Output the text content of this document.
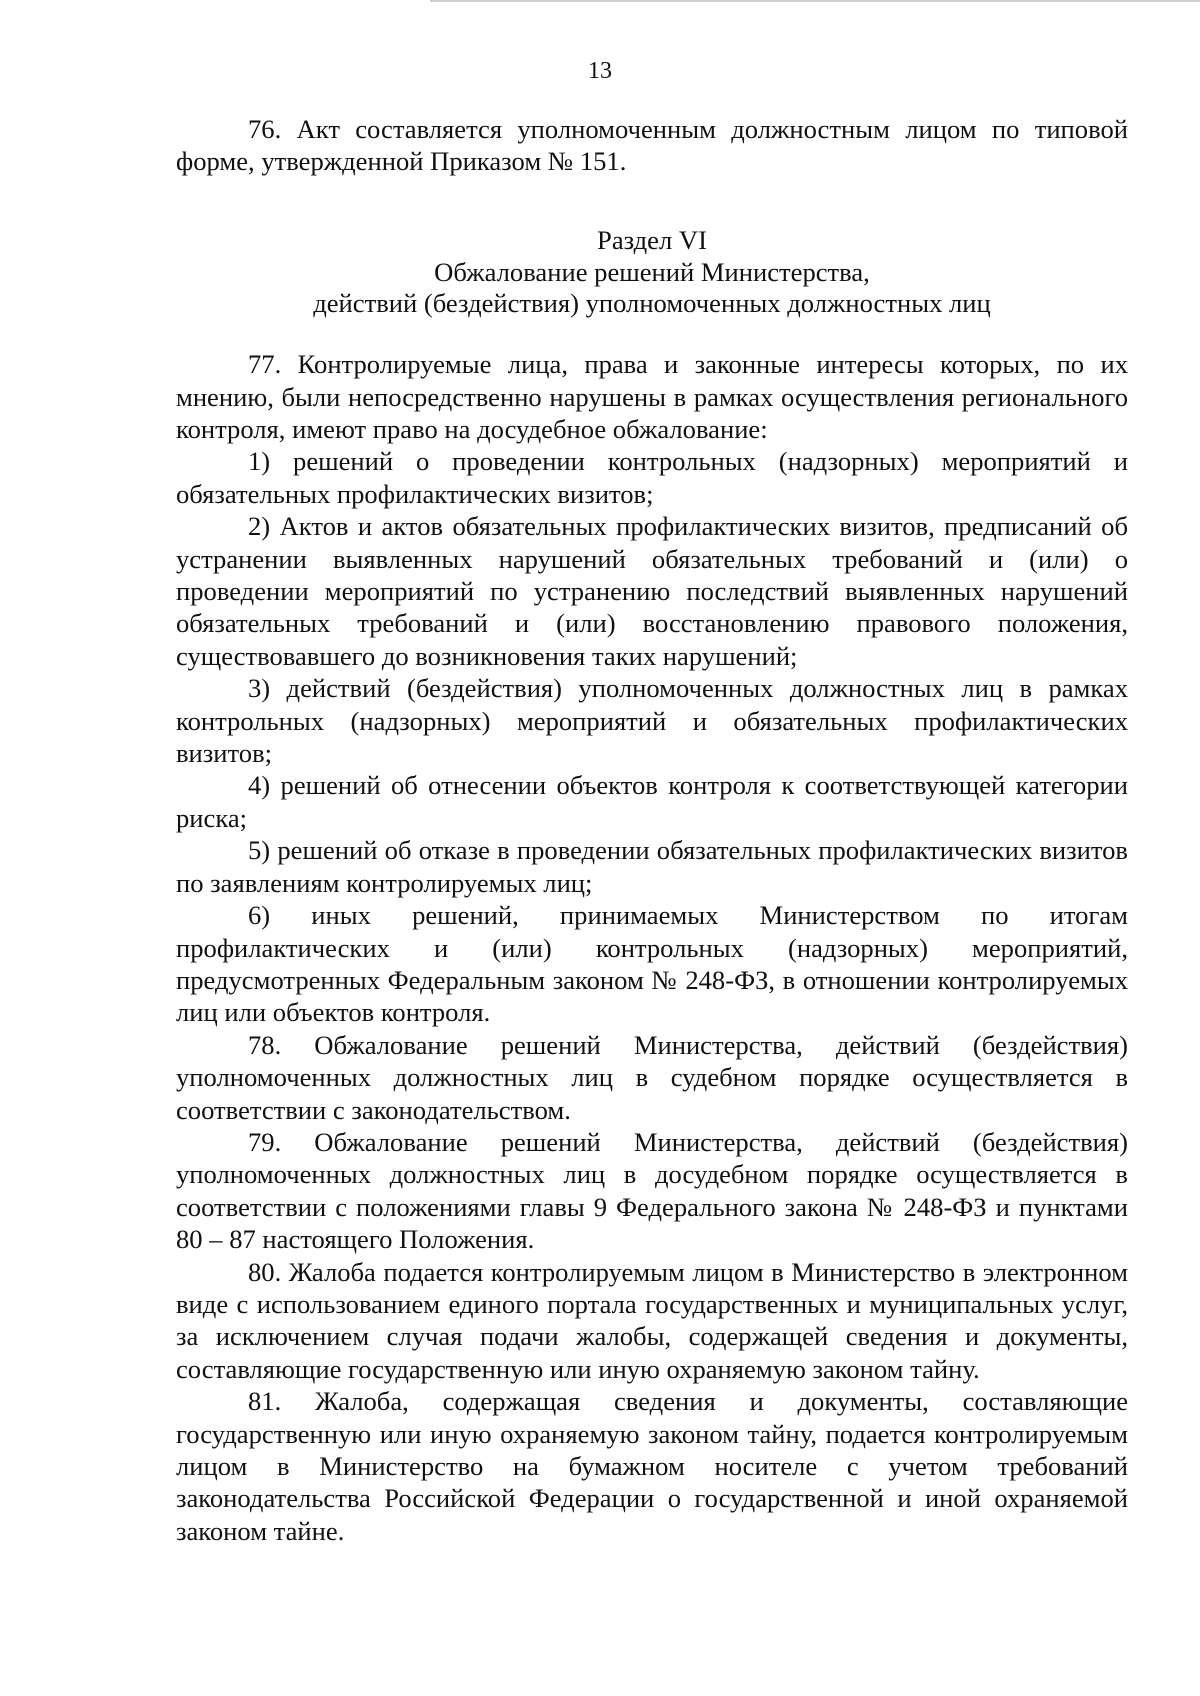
13

76. Акт составляется уполномоченным должностным лицом по типовой форме, утвержденной Приказом № 151.

Раздел VI
Обжалование решений Министерства,
действий (бездействия) уполномоченных должностных лиц

77. Контролируемые лица, права и законные интересы которых, по их мнению, были непосредственно нарушены в рамках осуществления регионального контроля, имеют право на досудебное обжалование:

1) решений о проведении контрольных (надзорных) мероприятий и обязательных профилактических визитов;

2) Актов и актов обязательных профилактических визитов, предписаний об устранении выявленных нарушений обязательных требований и (или) о проведении мероприятий по устранению последствий выявленных нарушений обязательных требований и (или) восстановлению правового положения, существовавшего до возникновения таких нарушений;

3) действий (бездействия) уполномоченных должностных лиц в рамках контрольных (надзорных) мероприятий и обязательных профилактических визитов;

4) решений об отнесении объектов контроля к соответствующей категории риска;

5) решений об отказе в проведении обязательных профилактических визитов по заявлениям контролируемых лиц;

6) иных решений, принимаемых Министерством по итогам профилактических и (или) контрольных (надзорных) мероприятий, предусмотренных Федеральным законом № 248-ФЗ, в отношении контролируемых лиц или объектов контроля.

78. Обжалование решений Министерства, действий (бездействия) уполномоченных должностных лиц в судебном порядке осуществляется в соответствии с законодательством.

79. Обжалование решений Министерства, действий (бездействия) уполномоченных должностных лиц в досудебном порядке осуществляется в соответствии с положениями главы 9 Федерального закона № 248-ФЗ и пунктами 80 – 87 настоящего Положения.

80. Жалоба подается контролируемым лицом в Министерство в электронном виде с использованием единого портала государственных и муниципальных услуг, за исключением случая подачи жалобы, содержащей сведения и документы, составляющие государственную или иную охраняемую законом тайну.

81. Жалоба, содержащая сведения и документы, составляющие государственную или иную охраняемую законом тайну, подается контролируемым лицом в Министерство на бумажном носителе с учетом требований законодательства Российской Федерации о государственной и иной охраняемой законом тайне.
